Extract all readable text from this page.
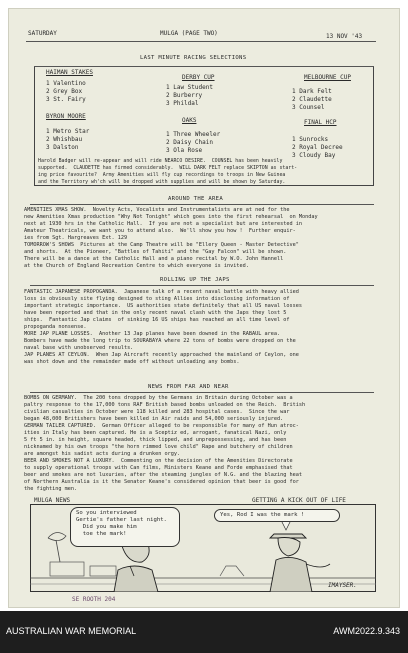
SATURDAY	MULGA (PAGE TWO)	13 NOV '43
LAST MINUTE RACING SELECTIONS
HAIMAN STAKES
1 Valentino
2 Grey Box
3 St. Fairy
BYRON MOORE
1 Metro Star
2 Whishbau
3 Dalston
DERBY CUP
1 Law Student
2 Burberry
3 Phildal
OAKS
1 Three Wheeler
2 Daisy Chain
3 Ola Rose
MELBOURNE CUP
1 Dark Felt
2 Claudette
3 Counsel
FINAL HCP
1 Sunrocks
2 Royal Decree
3 Cloudy Bay
Harold Badger will re-appear and will ride NEARCO DESIRE.  COUNSEL has been heavily
supported.  CLAUDETTE has firmed considerably.  WILL DARK FELT replace SKIPTON as start-
ing price favourite?  Army Amenities will fly cup recordings to troops in New Guinea
and the Territory wh'ch will be dropped with supplies and will be shown by Saturday.
AROUND THE AREA
AMENITIES XMAS SHOW.  Novelty Acts, Vocalists and Instrumentalists are at ned for the
new Amenities Xmas production "Why Not Tonight" which goes into the first rehearsal  on Monday
next at 1930 hrs in the Catholic Hall.  If you are not a specialist but are interested in
Amateur Theatricals, we want you to attend also.  We'll show you how !  Further enquir-
ies from Sgt. Hargreaves Ext. 129
TOMORROW'S SHOWS  Pictures at the Camp Theatre will be "Ellery Queen - Master Detective"
and shorts.  At the Pioneer, "Battles of Tahiti" and the "Gay Falcon" will be shown.
There will be a dance at the Catholic Hall and a piano recital by W.O. John Hannell
at the Church of England Recreation Centre to which everyone is invited.
ROLLING UP THE JAPS
FANTASTIC JAPANESE PROPOGANDA.  Japanese talk of a recent naval battle with heavy allied
loss is obviously site flying designed to sting Allies into disclosing information of
important strategic importance.  US authorities state definitely that all US naval losses
have been reported and that in the only recent naval clash with the Japs they lost 5
ships.  Fantastic Jap claims  of sinking 16 US ships has reached an all time level of
propoganda nonsense.
MORE JAP PLANE LOSSES.  Another 13 Jap planes have been downed in the RABAUL area.
Bombers have made the long trip to SOURABAYA where 22 tons of bombs were dropped on the
naval base with unobserved results.
JAP PLANES AT CEYLON.  When Jap Aircraft recently approached the mainland of Ceylon, one
was shot down and the remainder made off without unloading any bombs.
NEWS FROM FAR AND NEAR
BOMBS ON GERMANY.  The 200 tons dropped by the Germans in Britain during October was a
paltry response to the 17,000 tons RAF British based bombs unloaded on the Reich.  British
civilian casualties in October were 118 killed and 283 hospital cases.  Since the war
began 48,000 Britishers have been killed in Air raids and 54,000 seriously injured.
GERMAN TAILER CAPTURED.  German Officer alleged to be responsible for many of Hun atroc-
ities in Italy has been captured. He is a Sceptiz ed, arrogant, fanatical Nazi, only
5 ft 5 in. in height, square headed, thick lipped, and unprepossessing, and has been
nicknamed by his own troops "the horn rimmed love child" Rape and butchery of children
are amongst his sadist acts during a drunken orgy.
BEER AND SMOKES NOT A LUXURY.  Commenting on the decision of the Amenities Directorate
to supply operational troops with Can films, Ministers Keane and Forde emphasised that
beer and smokes are not luxuries, after the steaming jungles of N.G. and the blazing heat
of Northern Australia is it the Senator Keane's considered opinion that beer is good for
the fighting men.
MULGA NEWS	GETTING A KICK OUT OF LIFE
So you interviewed
Gertie's father last night.
Did you make him
toe the mark!
Yes, Rod I was the mark !
IMAYSER.
SE ROOTH 204
AUSTRALIAN WAR MEMORIAL	AWM2022.9.343
